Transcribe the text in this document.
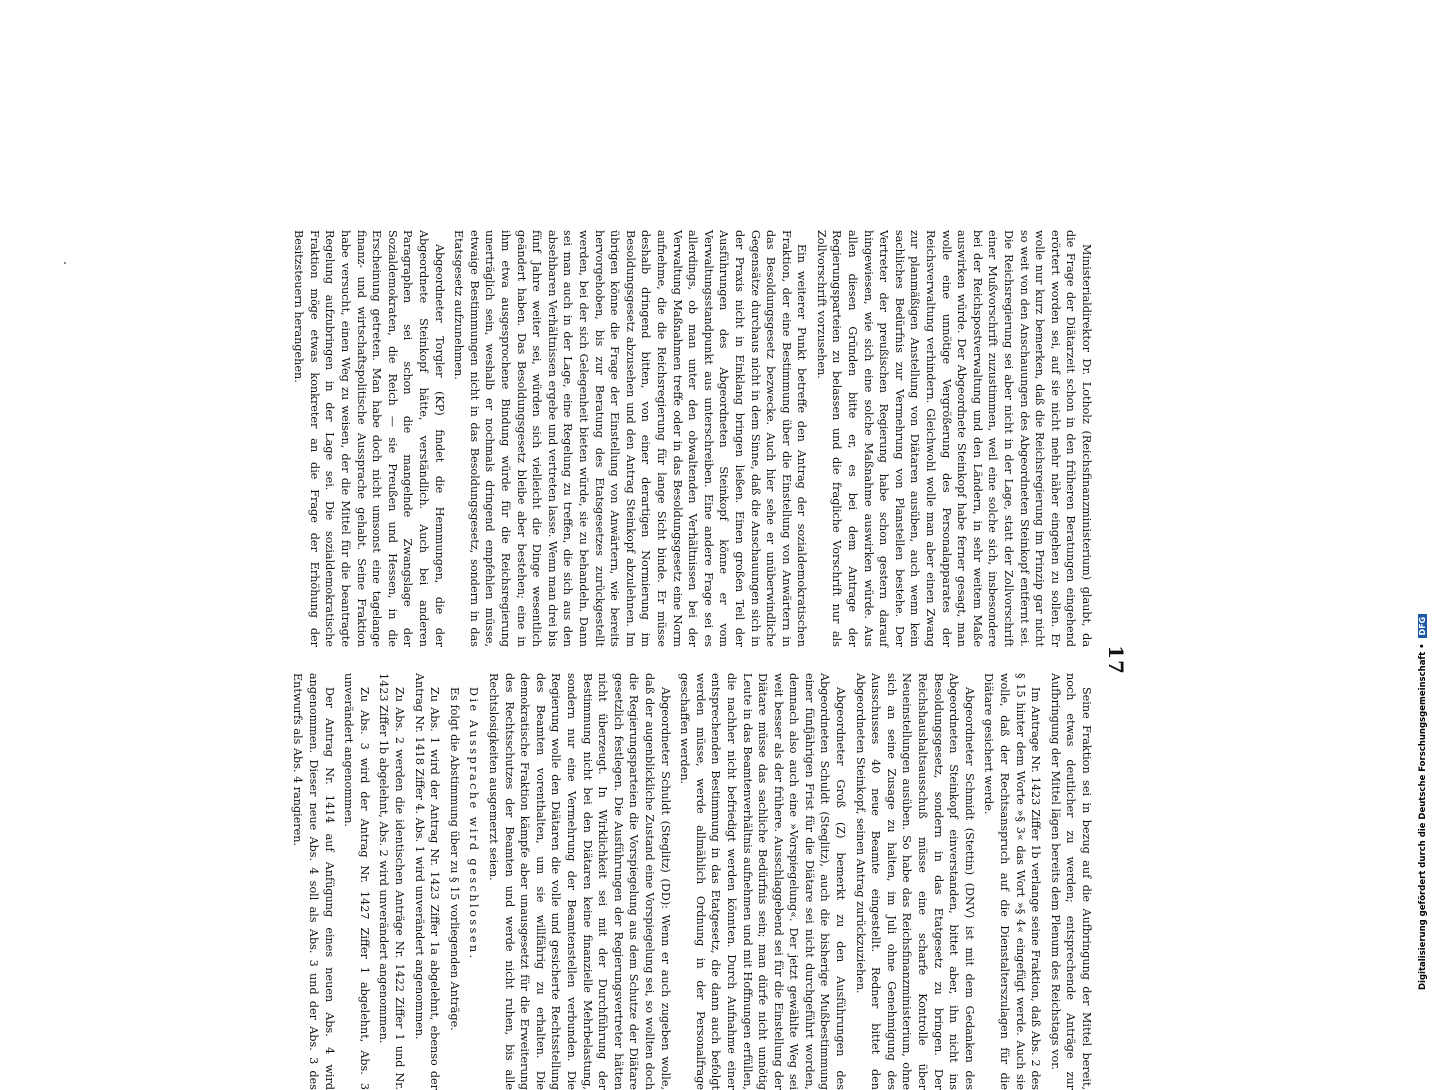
17

Ministerialdirektor Dr. Lotholz (Reichsfinanzministerium) glaubt, da die Frage der Diätarzeit schon in den früheren Beratungen eingehend erörtert worden sei, auf sie nicht mehr näher eingehen zu sollen. Er wolle nur kurz bemerken, daß die Reichsregierung im Prinzip gar nicht so weit von den Anschauungen des Abgeordneten Steinkopf entfernt sei. Die Reichsregierung sei aber nicht in der Lage, statt der Zollvorschrift einer Mußvorschrift zuzustimmen, weil eine solche sich, insbesondere bei der Reichspostverwaltung und den Ländern, in sehr weitem Maße auswirken würde. Der Abgeordnete Steinkopf habe ferner gesagt, man wolle eine unnötige Vergrößerung des Personalapparates der Reichsverwaltung verhindern. Gleichwohl wolle man aber einen Zwang zur planmäßigen Anstellung von Diätaren ausüben, auch wenn kein sachliches Bedürfnis zur Vermehrung von Planstellen bestehe. Der Vertreter der preußischen Regierung habe schon gestern darauf hingewiesen, wie sich eine solche Maßnahme auswirken würde. Aus allen diesen Gründen bitte er, es bei dem Antrage der Regierungsparteien zu belassen und die fragliche Vorschrift nur als Zollvorschrift vorzusehen.

Ein weiterer Punkt betreffe den Antrag der sozialdemokratischen Fraktion, der eine Bestimmung über die Einstellung von Anwärtern in das Besoldungsgesetz bezwecke. Auch hier sehe er unüberwindliche Gegensätze durchaus nicht in dem Sinne, daß die Anschauungen sich in der Praxis nicht in Einklang bringen ließen. Einen großen Teil der Ausführungen des Abgeordneten Steinkopf könne er vom Verwaltungsstandpunkt aus unterschreiben. Eine andere Frage sei es allerdings, ob man unter den obwaltenden Verhältnissen bei der Verwaltung Maßnahmen treffe oder in das Besoldungsgesetz eine Norm aufnehme, die die Reichsregierung für lange Sicht binde. Er müsse deshalb dringend bitten, von einer derartigen Normierung im Besoldungsgesetz abzusehen und den Antrag Steinkopf abzulehnen. Im übrigen könne die Frage der Einstellung von Anwärtern, wie bereits hervorgehoben, bis zur Beratung des Etatsgesetzes zurückgestellt werden, bei der sich Gelegenheit bieten würde, sie zu behandeln. Dann sei man auch in der Lage, eine Regelung zu treffen, die sich aus den absehbaren Verhältnissen ergebe und vertreten lasse. Wenn man drei bis fünf Jahre weiter sei, würden sich vielleicht die Dinge wesentlich geändert haben. Das Besoldungsgesetz bleibe aber bestehen; eine in ihm etwa ausgesprochene Bindung würde für die Reichsregierung unerträglich sein, weshalb er nochmals dringend empfehlen müsse, etwaige Bestimmungen nicht in das Besoldungsgesetz, sondern in das Etatsgesetz aufzunehmen.

Abgeordneter Torgler (KP) findet die Hemmungen, die der Abgeordnete Steinkopf hätte, verständlich. Auch bei anderen Paragraphen sei schon die mangelnde Zwangslage der Sozialdemokraten, die Reich — sie Preußen und Hessen, in die Erscheinung getreten. Man habe doch nicht umsonst eine tagelange finanz- und wirtschaftspolitische Aussprache gehabt. Seine Fraktion habe versucht, einen Weg zu weisen, der die Mittel für die beantragte Regelung aufzubringen in der Lage sei. Die sozialdemokratische Fraktion möge etwas konkreter an die Frage der Erhöhung der Besitzsteuern herangehen.

Seine Fraktion sei in bezug auf die Aufbringung der Mittel bereit, noch etwas deutlicher zu werden; entsprechende Anträge zur Aufbringung der Mittel lägen bereits dem Plenum des Reichstags vor.

Im Antrage Nr. 1423 Ziffer 1b verlange seine Fraktion, daß Abs. 2 des § 15 hinter dem Worte »§ 3« das Wort »§ 4« eingefügt werde. Auch sie wolle, daß der Rechtsanspruch auf die Dienstalterszulagen für die Diätare gesichert werde.

Abgeordneter Schmidt (Stettin) (DNV) ist mit dem Gedanken des Abgeordneten Steinkopf einverstanden, bittet aber, ihn nicht ins Besoldungsgesetz, sondern in das Etatgesetz zu bringen. Der Reichshaushaltsausschuß müsse eine scharfe Kontrolle über Neueinstellungen ausüben. So habe das Reichsfinanzministerium, ohne sich an seine Zusage zu halten, im Juli ohne Genehmigung des Ausschusses 40 neue Beamte eingestellt. Redner bittet den Abgeordneten Steinkopf, seinen Antrag zurückzuziehen.

Abgeordneter Groß (Z) bemerkt zu den Ausführungen des Abgeordneten Schuldt (Steglitz), auch die bisherige Mußbestimmung einer fünfjährigen Frist für die Diätare sei nicht durchgeführt worden, demnach also auch eine »Vorspiegelung«. Der jetzt gewählte Weg sei weit besser als der frühere. Ausschlaggebend sei für die Einstellung der Diätare müsse das sachliche Bedürfnis sein; man dürfe nicht unnötig Leute in das Beamtenverhältnis aufnehmen und mit Hoffnungen erfüllen, die nachher nicht befriedigt werden könnten. Durch Aufnahme einer entsprechenden Bestimmung in das Etatgesetz, die dann auch befolgt werden müsse, werde allmählich Ordnung in der Personalfrage geschaffen werden.

Abgeordneter Schuldt (Steglitz) (DD): Wenn er auch zugeben wolle, daß der augenblickliche Zustand eine Vorspiegelung sei, so wollten doch die Regierungsparteien die Vorspiegelung aus dem Schutze der Diätare gesetzlich festlegen. Die Ausführungen der Regierungsvertreter hätten nicht überzeugt. In Wirklichkeit sei mit der Durchführung der Bestimmung nicht bei den Diätaren keine finanzielle Mehrbelastung, sondern nur eine Vermehrung der Beamtenstellen verbunden. Die Regierung wolle den Diätaren die volle und gesicherte Rechtsstellung des Beamten vorenthalten, um sie willfährig zu erhalten. Die demokratische Fraktion kämpfe aber unausgesetzt für die Erweiterung des Rechtsschutzes der Beamten und werde nicht ruhen, bis alle Rechtslosigkeiten ausgemerzt seien.

Die Aussprache wird geschlossen.

Es folgt die Abstimmung über zu § 15 vorliegenden Anträge.

Zu Abs. 1 wird der Antrag Nr. 1423 Ziffer 1a abgelehnt, ebenso der Antrag Nr. 1418 Ziffer 4. Abs. 1 wird unverändert angenommen.

Zu Abs. 2 werden die identischen Anträge Nr. 1422 Ziffer 1 und Nr. 1423 Ziffer 1b abgelehnt, Abs. 2 wird unverändert angenommen.

Zu Abs. 3 wird der Antrag Nr. 1427 Ziffer 1 abgelehnt, Abs. 3 unverändert angenommen.

Der Antrag Nr. 1414 auf Anfügung eines neuen Abs. 4 wird angenommen. Dieser neue Abs. 4 soll als Abs. 3 und der Abs. 3 des Entwurfs als Abs. 4 rangieren.	Digitalisierung gefördert durch die Deutsche Forschungsgemeinschaft • DFG
